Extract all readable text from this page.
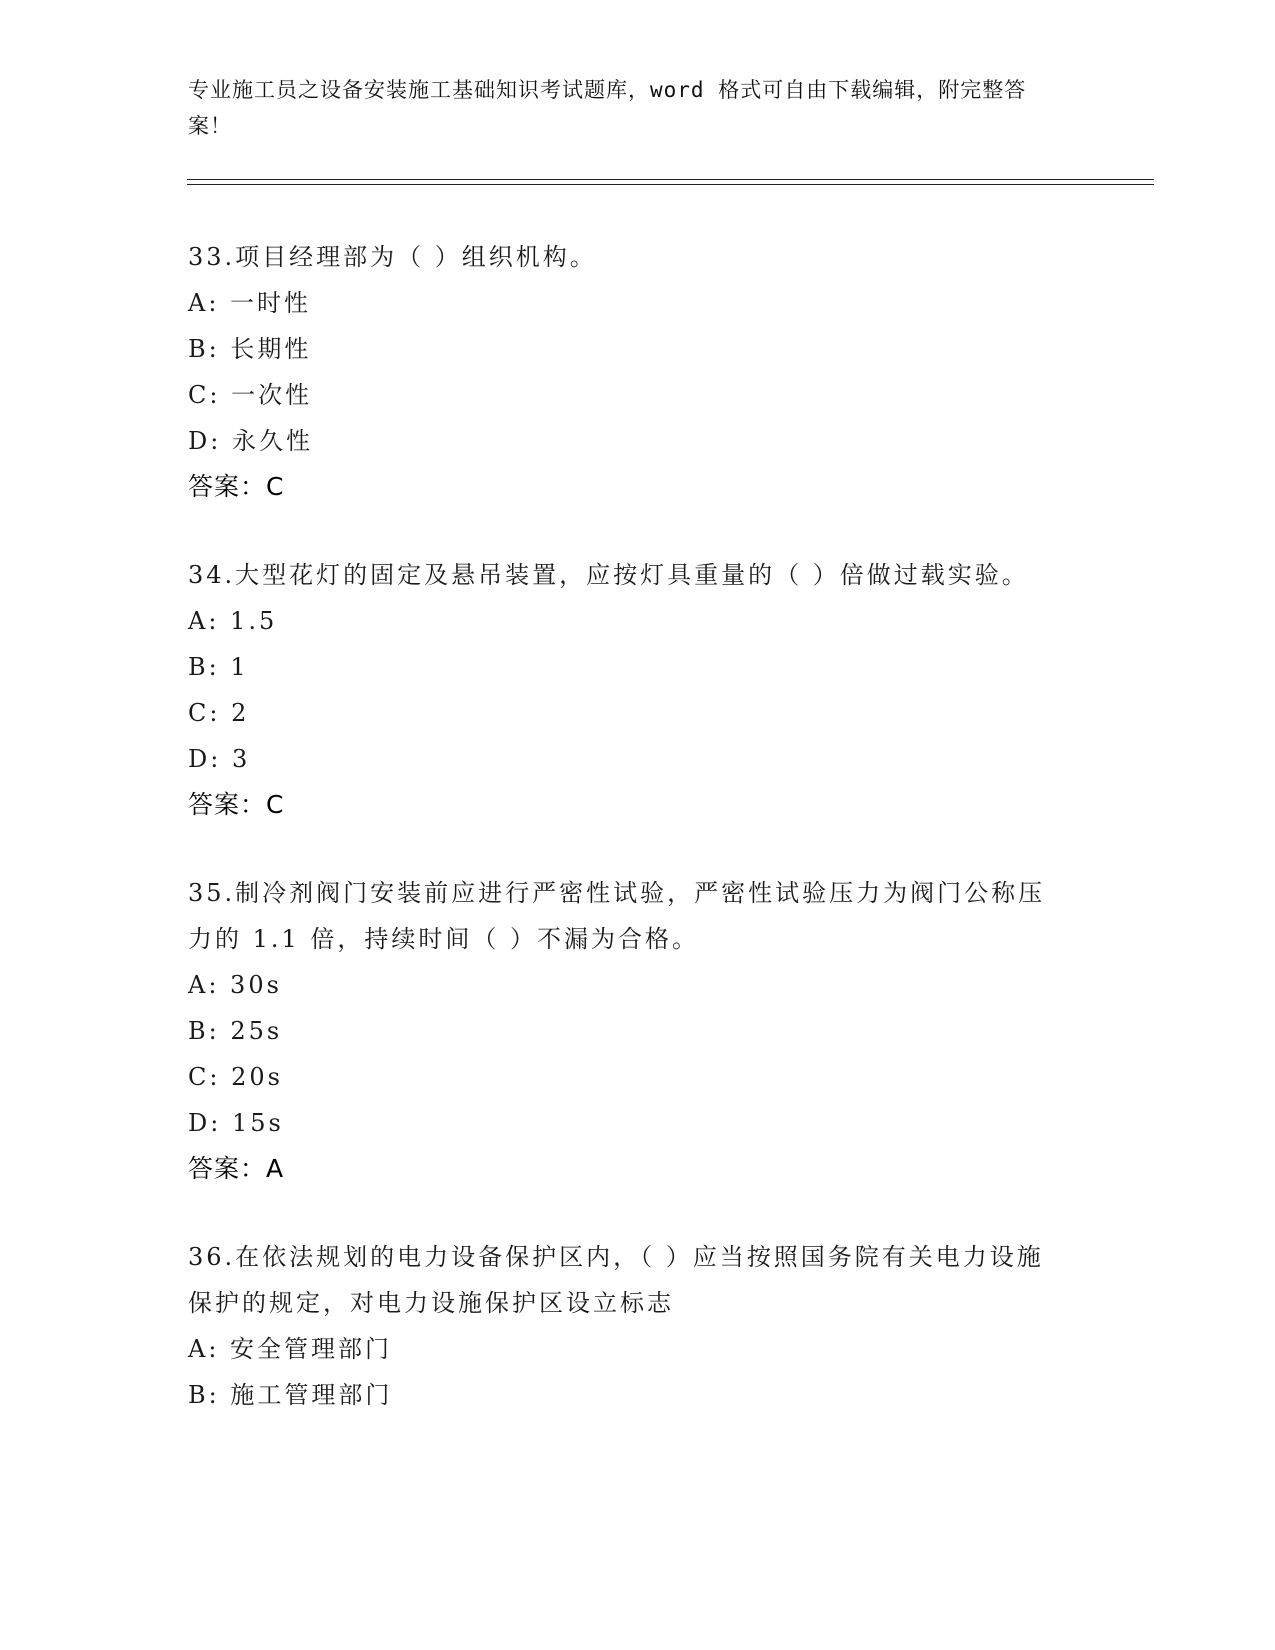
专业施工员之设备安装施工基础知识考试题库，word 格式可自由下载编辑，附完整答案！

33.项目经理部为（ ）组织机构。

A: 一时性

B: 长期性

C: 一次性

D: 永久性

答案：C

34.大型花灯的固定及悬吊装置，应按灯具重量的（ ）倍做过载实验。

A: 1.5

B: 1

C: 2

D: 3

答案：C

35.制冷剂阀门安装前应进行严密性试验，严密性试验压力为阀门公称压力的 1.1 倍，持续时间（ ）不漏为合格。

A: 30s

B: 25s

C: 20s

D: 15s

答案：A

36.在依法规划的电力设备保护区内，（ ）应当按照国务院有关电力设施保护的规定，对电力设施保护区设立标志

A: 安全管理部门

B: 施工管理部门
